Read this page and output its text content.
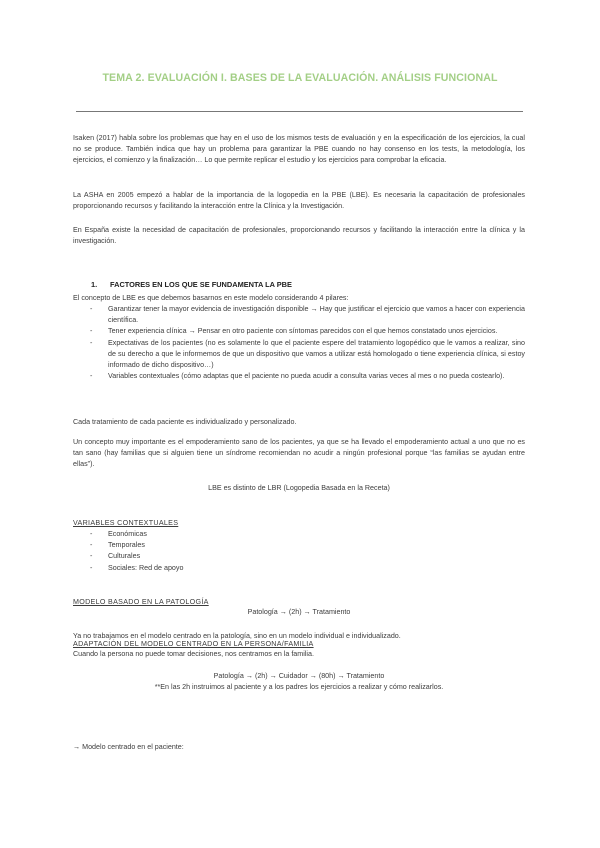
TEMA 2. EVALUACIÓN I. BASES DE LA EVALUACIÓN. ANÁLISIS FUNCIONAL

Isaken (2017) habla sobre los problemas que hay en el uso de los mismos tests de evaluación y en la especificación de los ejercicios, la cual no se produce. También indica que hay un problema para garantizar la PBE cuando no hay consenso en los tests, la metodología, los ejercicios, el comienzo y la finalización… Lo que permite replicar el estudio y los ejercicios para comprobar la eficacia.

La ASHA en 2005 empezó a hablar de la importancia de la logopedia en la PBE (LBE). Es necesaria la capacitación de profesionales proporcionando recursos y facilitando la interacción entre la Clínica y la Investigación.

En España existe la necesidad de capacitación de profesionales, proporcionando recursos y facilitando la interacción entre la clínica y la investigación.

1. FACTORES EN LOS QUE SE FUNDAMENTA LA PBE

El concepto de LBE es que debemos basarnos en este modelo considerando 4 pilares:

- Garantizar tener la mayor evidencia de investigación disponible → Hay que justificar el ejercicio que vamos a hacer con experiencia científica.
- Tener experiencia clínica → Pensar en otro paciente con síntomas parecidos con el que hemos constatado unos ejercicios.
- Expectativas de los pacientes (no es solamente lo que el paciente espere del tratamiento logopédico que le vamos a realizar, sino de su derecho a que le informemos de que un dispositivo que vamos a utilizar está homologado o tiene experiencia clínica, si estoy informado de dicho dispositivo…)
- Variables contextuales (cómo adaptas que el paciente no pueda acudir a consulta varias veces al mes o no pueda costearlo).

Cada tratamiento de cada paciente es individualizado y personalizado.

Un concepto muy importante es el empoderamiento sano de los pacientes, ya que se ha llevado el empoderamiento actual a uno que no es tan sano (hay familias que si alguien tiene un síndrome recomiendan no acudir a ningún profesional porque “las familias se ayudan entre ellas”).

LBE es distinto de LBR (Logopedia Basada en la Receta)

VARIABLES CONTEXTUALES
- Económicas
- Temporales
- Culturales
- Sociales: Red de apoyo
MODELO BASADO EN LA PATOLOGÍA

Patología → (2h) → Tratamiento

Ya no trabajamos en el modelo centrado en la patología, sino en un modelo individual e individualizado.

ADAPTACIÓN DEL MODELO CENTRADO EN LA PERSONA/FAMILIA

Cuando la persona no puede tomar decisiones, nos centramos en la familia.

Patología → (2h) → Cuidador → (80h) → Tratamiento

**En las 2h instruimos al paciente y a los padres los ejercicios a realizar y cómo realizarlos.

→ Modelo centrado en el paciente:
